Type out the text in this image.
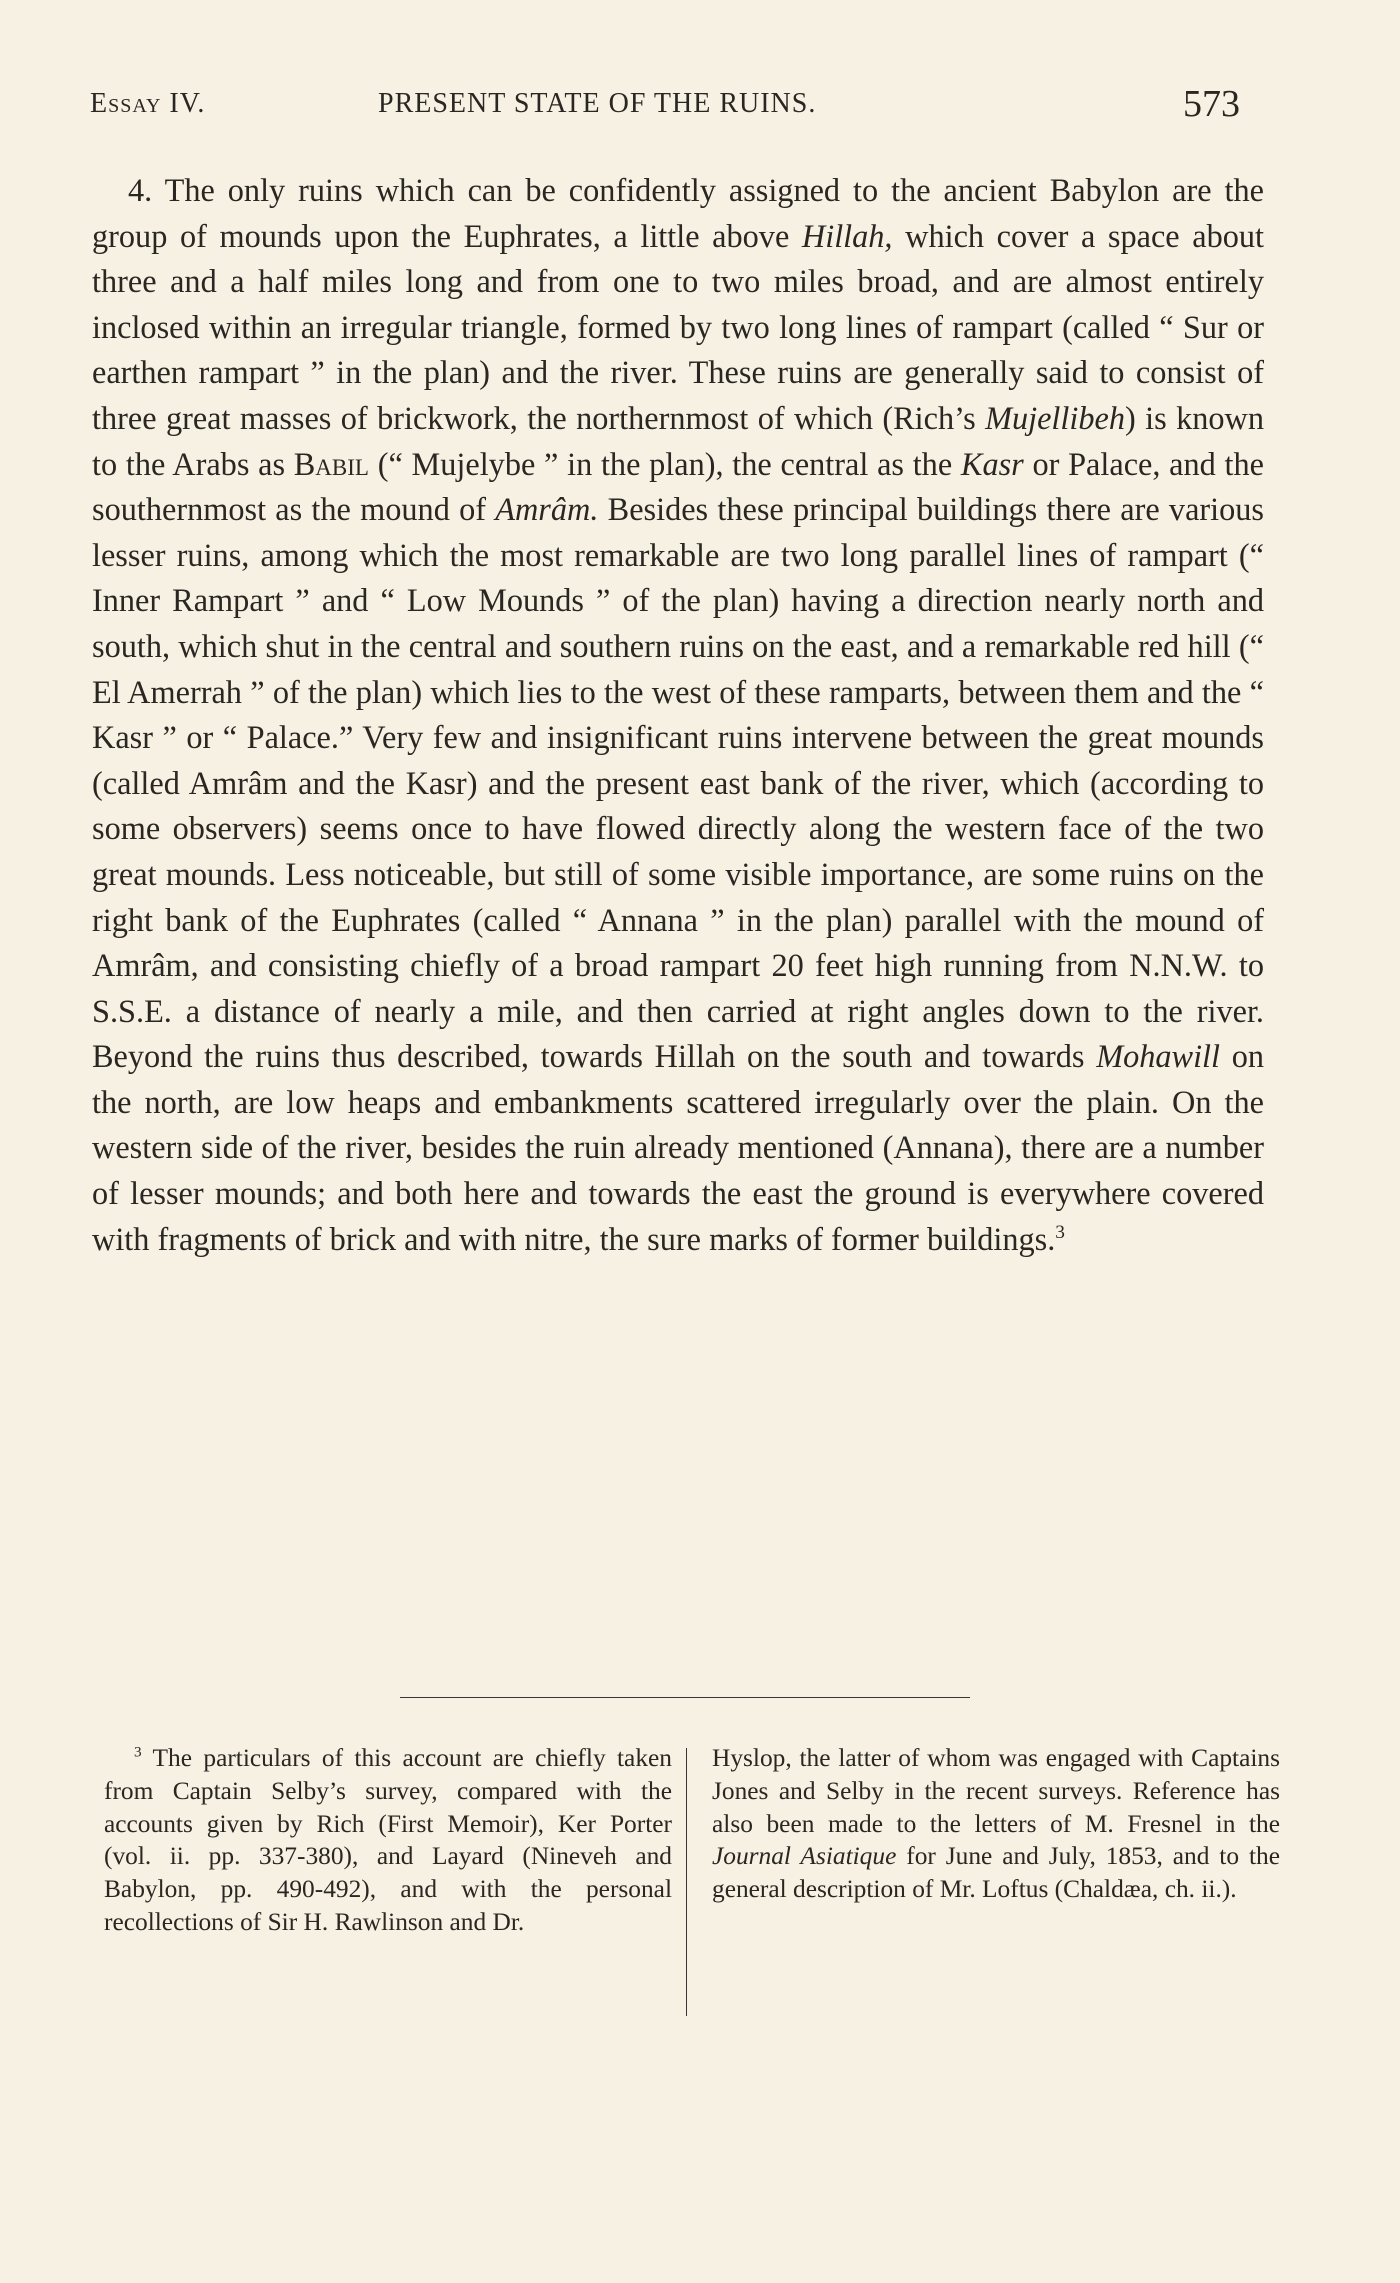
Essay IV.	PRESENT STATE OF THE RUINS.	573

4. The only ruins which can be confidently assigned to the ancient Babylon are the group of mounds upon the Euphrates, a little above Hillah, which cover a space about three and a half miles long and from one to two miles broad, and are almost entirely inclosed within an irregular triangle, formed by two long lines of rampart (called “ Sur or earthen rampart ” in the plan) and the river. These ruins are generally said to consist of three great masses of brickwork, the northernmost of which (Rich’s Mujellibeh) is known to the Arabs as Babil (“ Mujelybe ” in the plan), the central as the Kasr or Palace, and the southernmost as the mound of Amrâm. Besides these principal buildings there are various lesser ruins, among which the most remarkable are two long parallel lines of rampart (“ Inner Rampart ” and “ Low Mounds ” of the plan) having a direction nearly north and south, which shut in the central and southern ruins on the east, and a remarkable red hill (“ El Amerrah ” of the plan) which lies to the west of these ramparts, between them and the “ Kasr ” or “ Palace.” Very few and insignificant ruins intervene between the great mounds (called Amrâm and the Kasr) and the present east bank of the river, which (according to some observers) seems once to have flowed directly along the western face of the two great mounds. Less noticeable, but still of some visible importance, are some ruins on the right bank of the Euphrates (called “ Annana ” in the plan) parallel with the mound of Amrâm, and consisting chiefly of a broad rampart 20 feet high running from N.N.W. to S.S.E. a distance of nearly a mile, and then carried at right angles down to the river. Beyond the ruins thus described, towards Hillah on the south and towards Mohawill on the north, are low heaps and embankments scattered irregularly over the plain. On the western side of the river, besides the ruin already mentioned (Annana), there are a number of lesser mounds; and both here and towards the east the ground is everywhere covered with fragments of brick and with nitre, the sure marks of former buildings.$^3$

$^3$ The particulars of this account are chiefly taken from Captain Selby’s survey, compared with the accounts given by Rich (First Memoir), Ker Porter (vol. ii. pp. 337-380), and Layard (Nineveh and Babylon, pp. 490-492), and with the personal recollections of Sir H. Rawlinson and Dr.

Hyslop, the latter of whom was engaged with Captains Jones and Selby in the recent surveys. Reference has also been made to the letters of M. Fresnel in the Journal Asiatique for June and July, 1853, and to the general description of Mr. Loftus (Chaldæa, ch. ii.).
